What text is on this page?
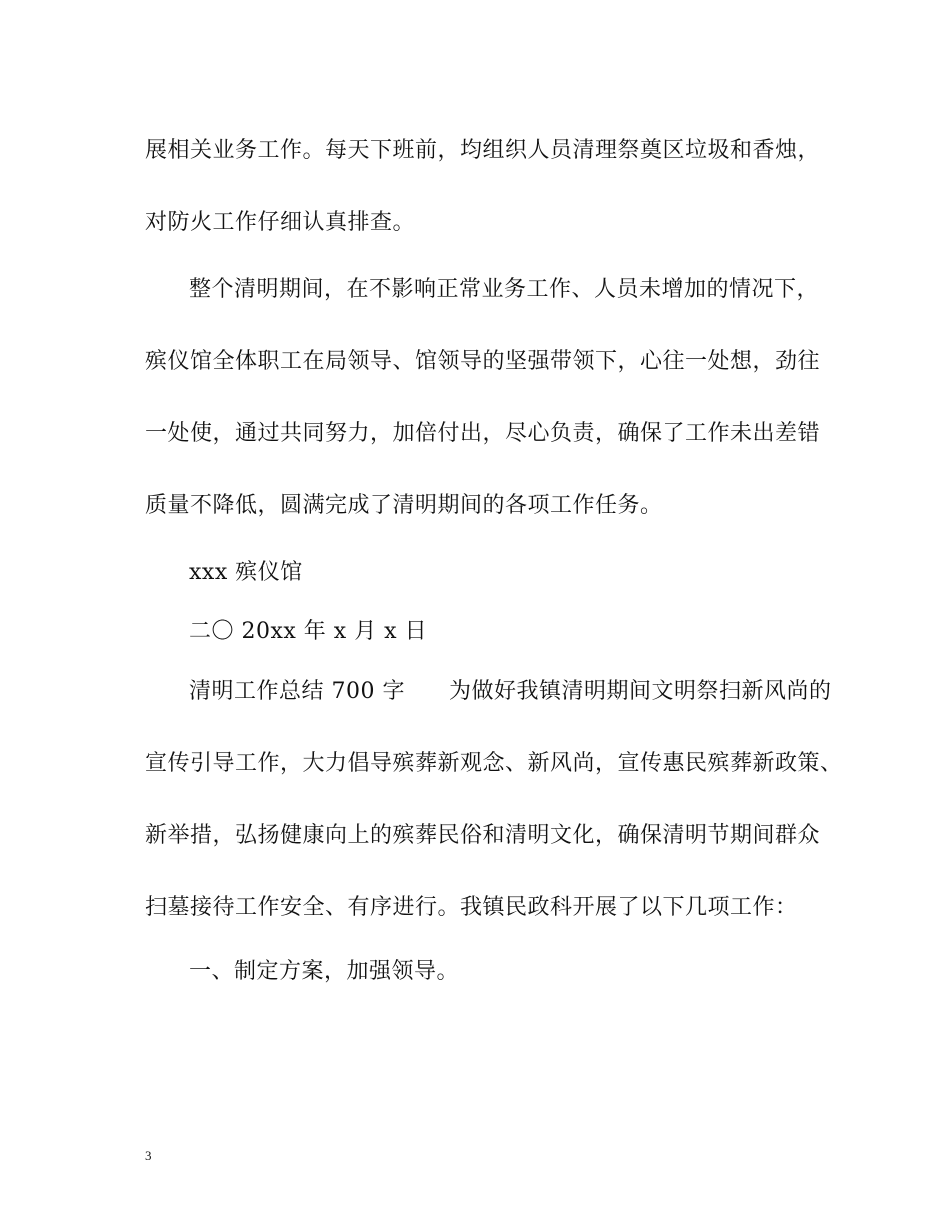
展相关业务工作。每天下班前，均组织人员清理祭奠区垃圾和香烛，
对防火工作仔细认真排查。
整个清明期间，在不影响正常业务工作、人员未增加的情况下，
殡仪馆全体职工在局领导、馆领导的坚强带领下，心往一处想，劲往
一处使，通过共同努力，加倍付出，尽心负责，确保了工作未出差错
质量不降低，圆满完成了清明期间的各项工作任务。
xxx 殡仪馆
二〇 20xx 年 x 月 x 日
清明工作总结 700 字 为做好我镇清明期间文明祭扫新风尚的
宣传引导工作，大力倡导殡葬新观念、新风尚，宣传惠民殡葬新政策、
新举措，弘扬健康向上的殡葬民俗和清明文化，确保清明节期间群众
扫墓接待工作安全、有序进行。我镇民政科开展了以下几项工作：
一、制定方案，加强领导。
3
